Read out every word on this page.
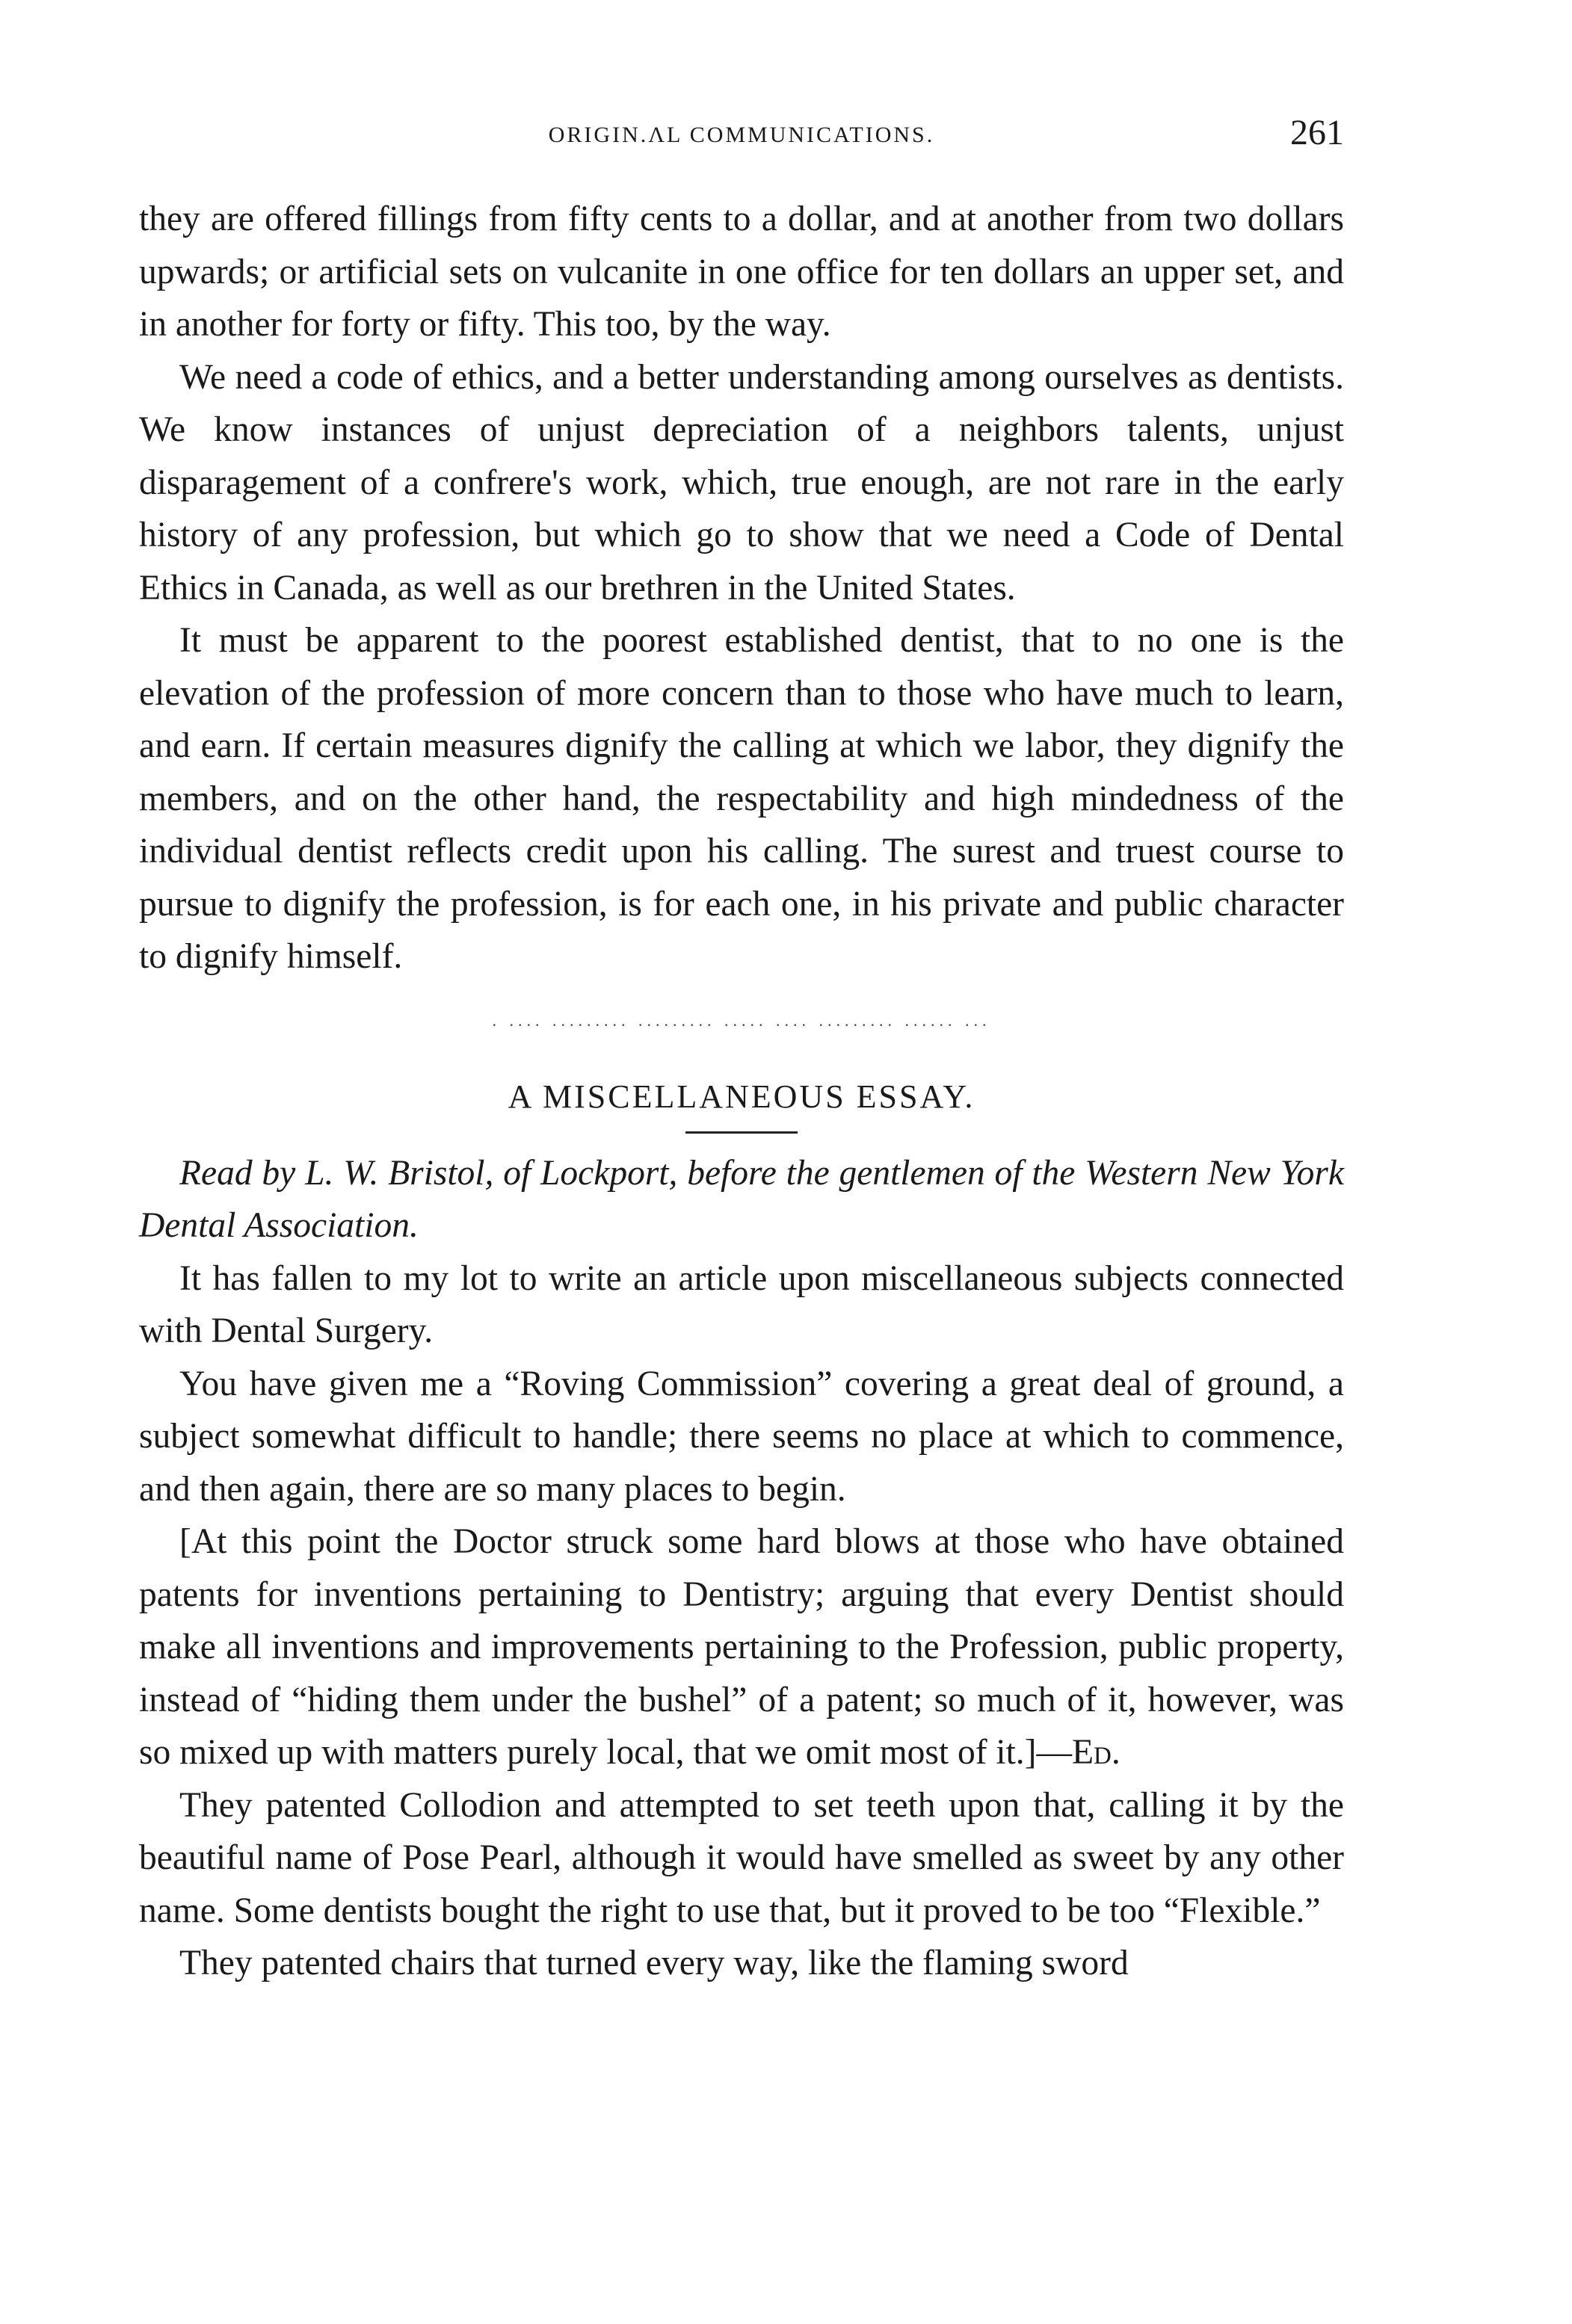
ORIGIN.ɅL COMMUNICATIONS.	261

they are offered fillings from fifty cents to a dollar, and at another from two dollars upwards; or artificial sets on vulcanite in one office for ten dollars an upper set, and in another for forty or fifty. This too, by the way.

We need a code of ethics, and a better understanding among ourselves as dentists. We know instances of unjust depreciation of a neighbors talents, unjust disparagement of a confrere's work, which, true enough, are not rare in the early history of any profession, but which go to show that we need a Code of Dental Ethics in Canada, as well as our brethren in the United States.

It must be apparent to the poorest established dentist, that to no one is the elevation of the profession of more concern than to those who have much to learn, and earn. If certain measures dignify the calling at which we labor, they dignify the members, and on the other hand, the respectability and high mindedness of the individual dentist reflects credit upon his calling. The surest and truest course to pursue to dignify the profession, is for each one, in his private and public character to dignify himself.

. .... ......... ......... ..... .... ......... ...... ...
A MISCELLANEOUS ESSAY.

Read by L. W. Bristol, of Lockport, before the gentlemen of the Western New York Dental Association.

It has fallen to my lot to write an article upon miscellaneous subjects connected with Dental Surgery.

You have given me a “Roving Commission” covering a great deal of ground, a subject somewhat difficult to handle; there seems no place at which to commence, and then again, there are so many places to begin.

[At this point the Doctor struck some hard blows at those who have obtained patents for inventions pertaining to Dentistry; arguing that every Dentist should make all inventions and improvements pertaining to the Profession, public property, instead of “hiding them under the bushel” of a patent; so much of it, however, was so mixed up with matters purely local, that we omit most of it.]—Ed.

They patented Collodion and attempted to set teeth upon that, calling it by the beautiful name of Pose Pearl, although it would have smelled as sweet by any other name. Some dentists bought the right to use that, but it proved to be too “Flexible.”

They patented chairs that turned every way, like the flaming sword
